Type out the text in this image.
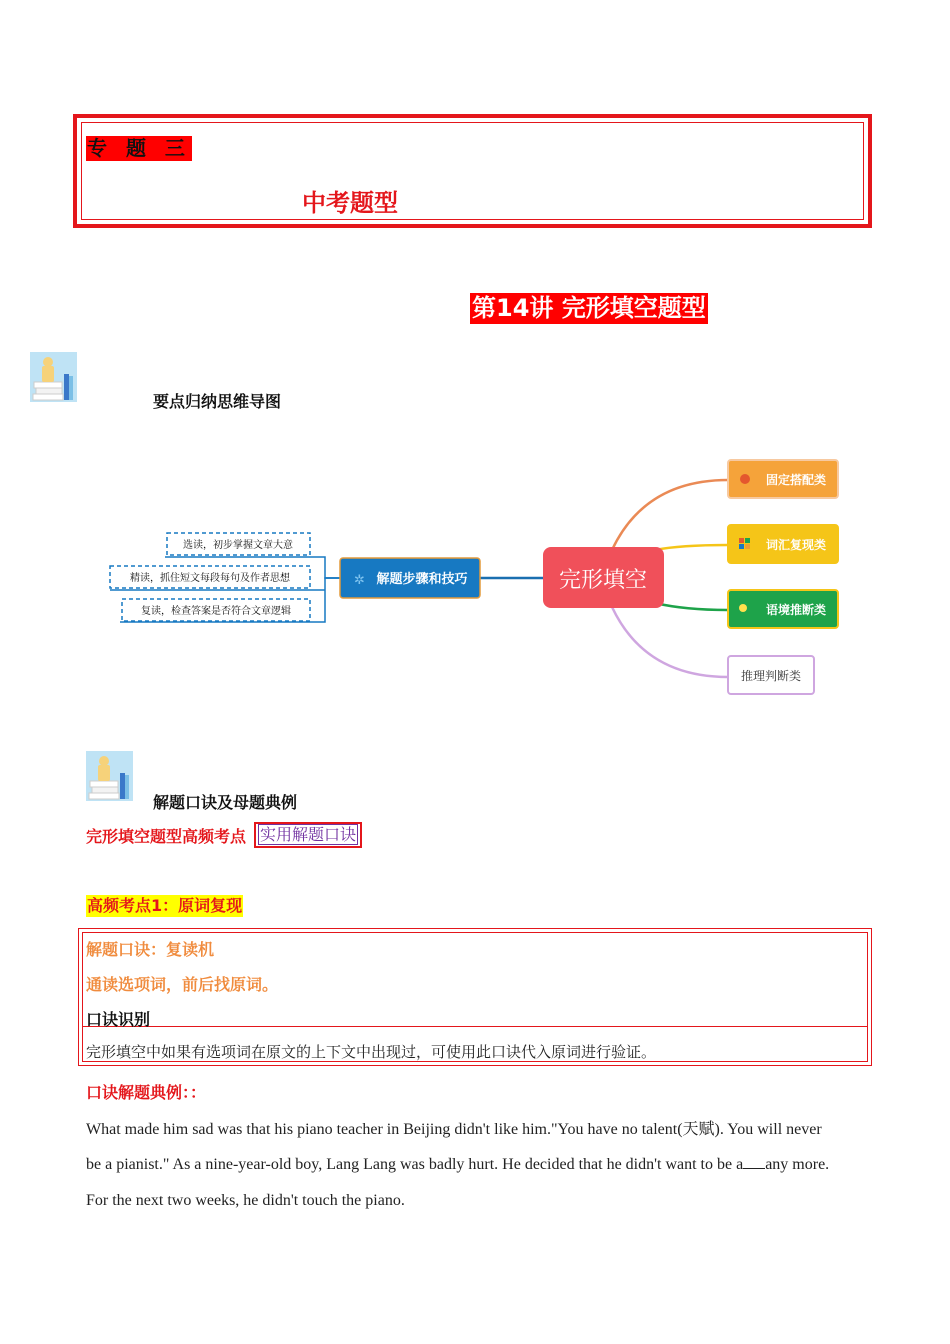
专 题 三
中考题型
第14讲 完形填空题型
要点归纳思维导图
选读，初步掌握文章大意
精读，抓住短文每段每句及作者思想
复读，检查答案是否符合文章逻辑
✲ 解题步骤和技巧	完形填空
固定搭配类
词汇复现类
语境推断类
推理判断类
解题口诀及母题典例
完形填空题型高频考点 实用解题口诀
高频考点1：原词复现
解题口诀：复读机
通读选项词，前后找原词。
口诀识别
完形填空中如果有选项词在原文的上下文中出现过，可使用此口诀代入原词进行验证。
口诀解题典例：：
What made him sad was that his piano teacher in Beijing didn't like him."You have no talent(天赋). You will never
be a pianist." As a nine-year-old boy, Lang Lang was badly hurt. He decided that he didn't want to be a any more.
For the next two weeks, he didn't touch the piano.
